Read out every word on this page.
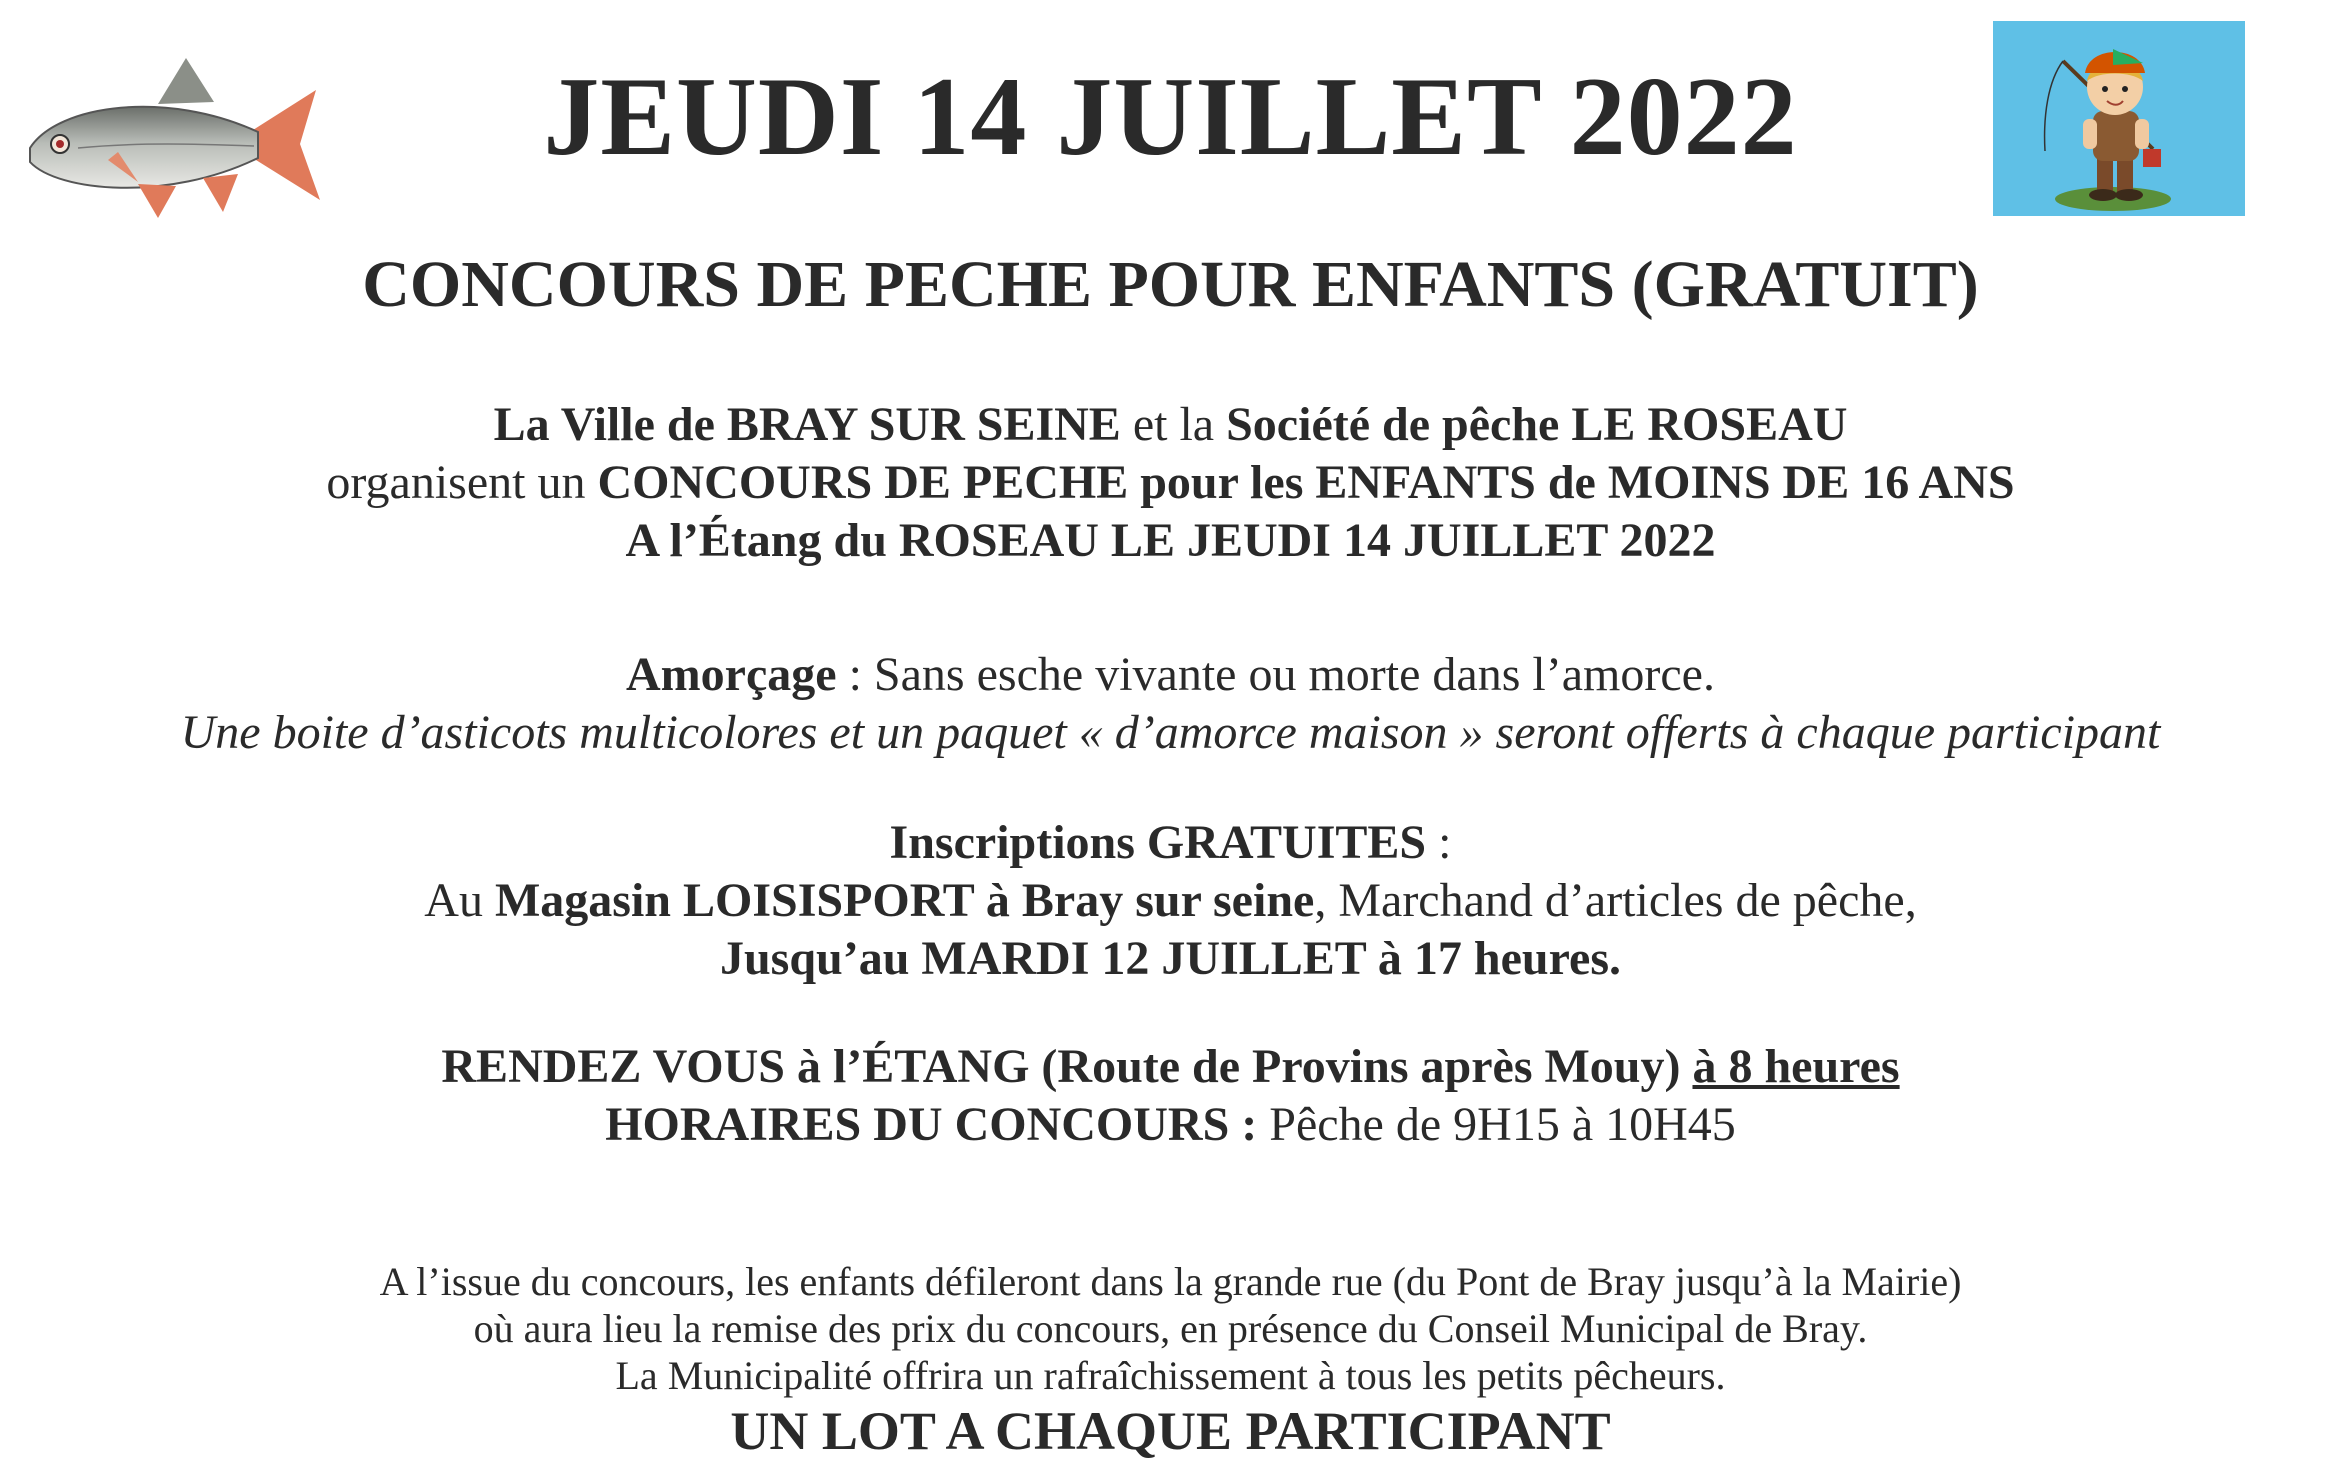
JEUDI 14 JUILLET 2022
CONCOURS DE PECHE POUR ENFANTS (GRATUIT)
La Ville de BRAY SUR SEINE et la Société de pêche LE ROSEAU
organisent un CONCOURS DE PECHE pour les ENFANTS de MOINS DE 16 ANS
A l’Étang du ROSEAU LE JEUDI 14 JUILLET 2022
Amorçage : Sans esche vivante ou morte dans l’amorce.
Une boite d’asticots multicolores et un paquet « d’amorce maison » seront offerts à chaque participant
Inscriptions GRATUITES :
Au Magasin LOISISPORT à Bray sur seine, Marchand d’articles de pêche,
Jusqu’au MARDI 12 JUILLET à 17 heures.
RENDEZ VOUS à l’ÉTANG (Route de Provins après Mouy) à 8 heures
HORAIRES DU CONCOURS : Pêche de 9H15 à 10H45
A l’issue du concours, les enfants défileront dans la grande rue (du Pont de Bray jusqu’à la Mairie)
où aura lieu la remise des prix du concours, en présence du Conseil Municipal de Bray.
La Municipalité offrira un rafraîchissement à tous les petits pêcheurs.
UN LOT A CHAQUE PARTICIPANT
